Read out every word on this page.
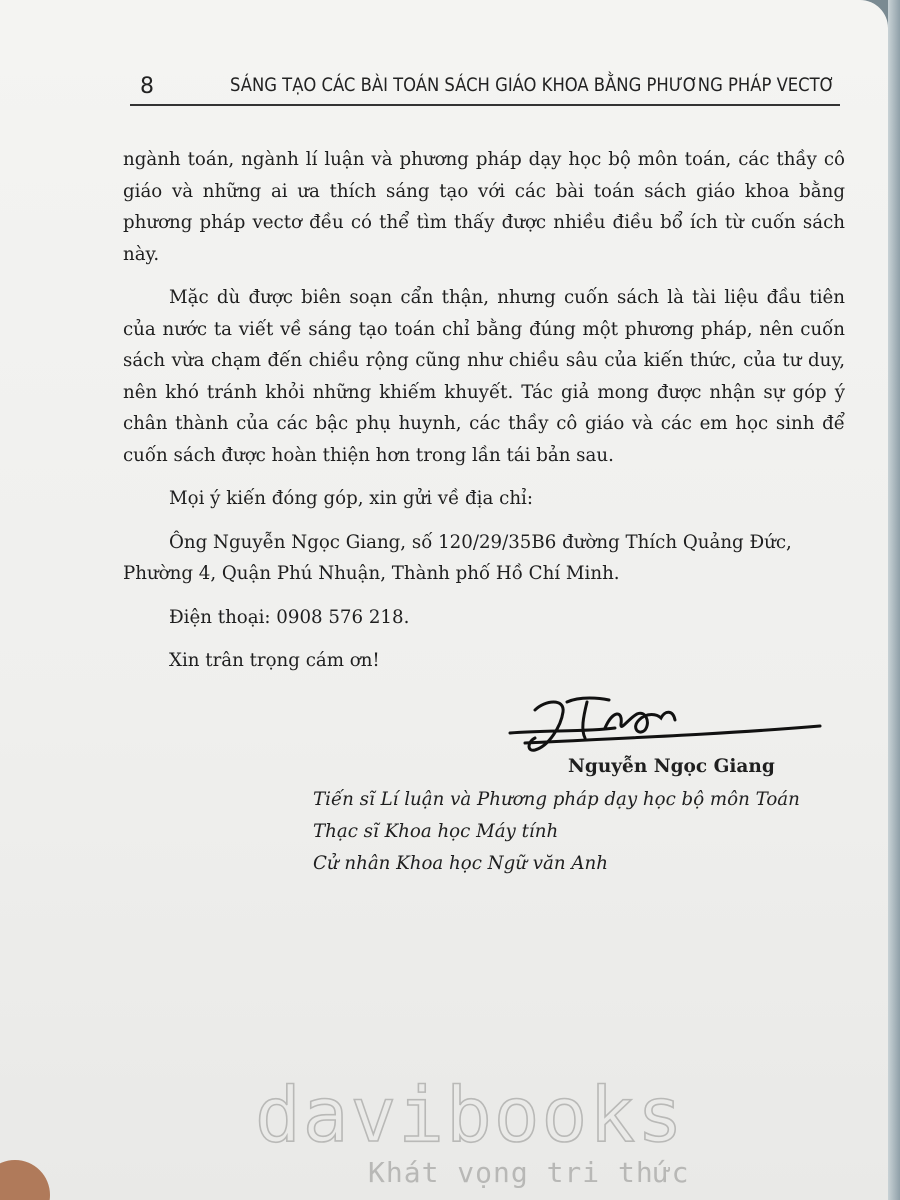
8	SÁNG TẠO CÁC BÀI TOÁN SÁCH GIÁO KHOA BẰNG PHƯƠNG PHÁP VECTƠ

ngành toán, ngành lí luận và phương pháp dạy học bộ môn toán, các thầy cô giáo và những ai ưa thích sáng tạo với các bài toán sách giáo khoa bằng phương pháp vectơ đều có thể tìm thấy được nhiều điều bổ ích từ cuốn sách này.

Mặc dù được biên soạn cẩn thận, nhưng cuốn sách là tài liệu đầu tiên của nước ta viết về sáng tạo toán chỉ bằng đúng một phương pháp, nên cuốn sách vừa chạm đến chiều rộng cũng như chiều sâu của kiến thức, của tư duy, nên khó tránh khỏi những khiếm khuyết. Tác giả mong được nhận sự góp ý chân thành của các bậc phụ huynh, các thầy cô giáo và các em học sinh để cuốn sách được hoàn thiện hơn trong lần tái bản sau.

Mọi ý kiến đóng góp, xin gửi về địa chỉ:

Ông Nguyễn Ngọc Giang, số 120/29/35B6 đường Thích Quảng Đức,

Phường 4, Quận Phú Nhuận, Thành phố Hồ Chí Minh.

Điện thoại: 0908 576 218.

Xin trân trọng cám ơn!

Nguyễn Ngọc Giang
Tiến sĩ Lí luận và Phương pháp dạy học bộ môn Toán
Thạc sĩ Khoa học Máy tính
Cử nhân Khoa học Ngữ văn Anh
davibooks
Khát vọng tri thức
